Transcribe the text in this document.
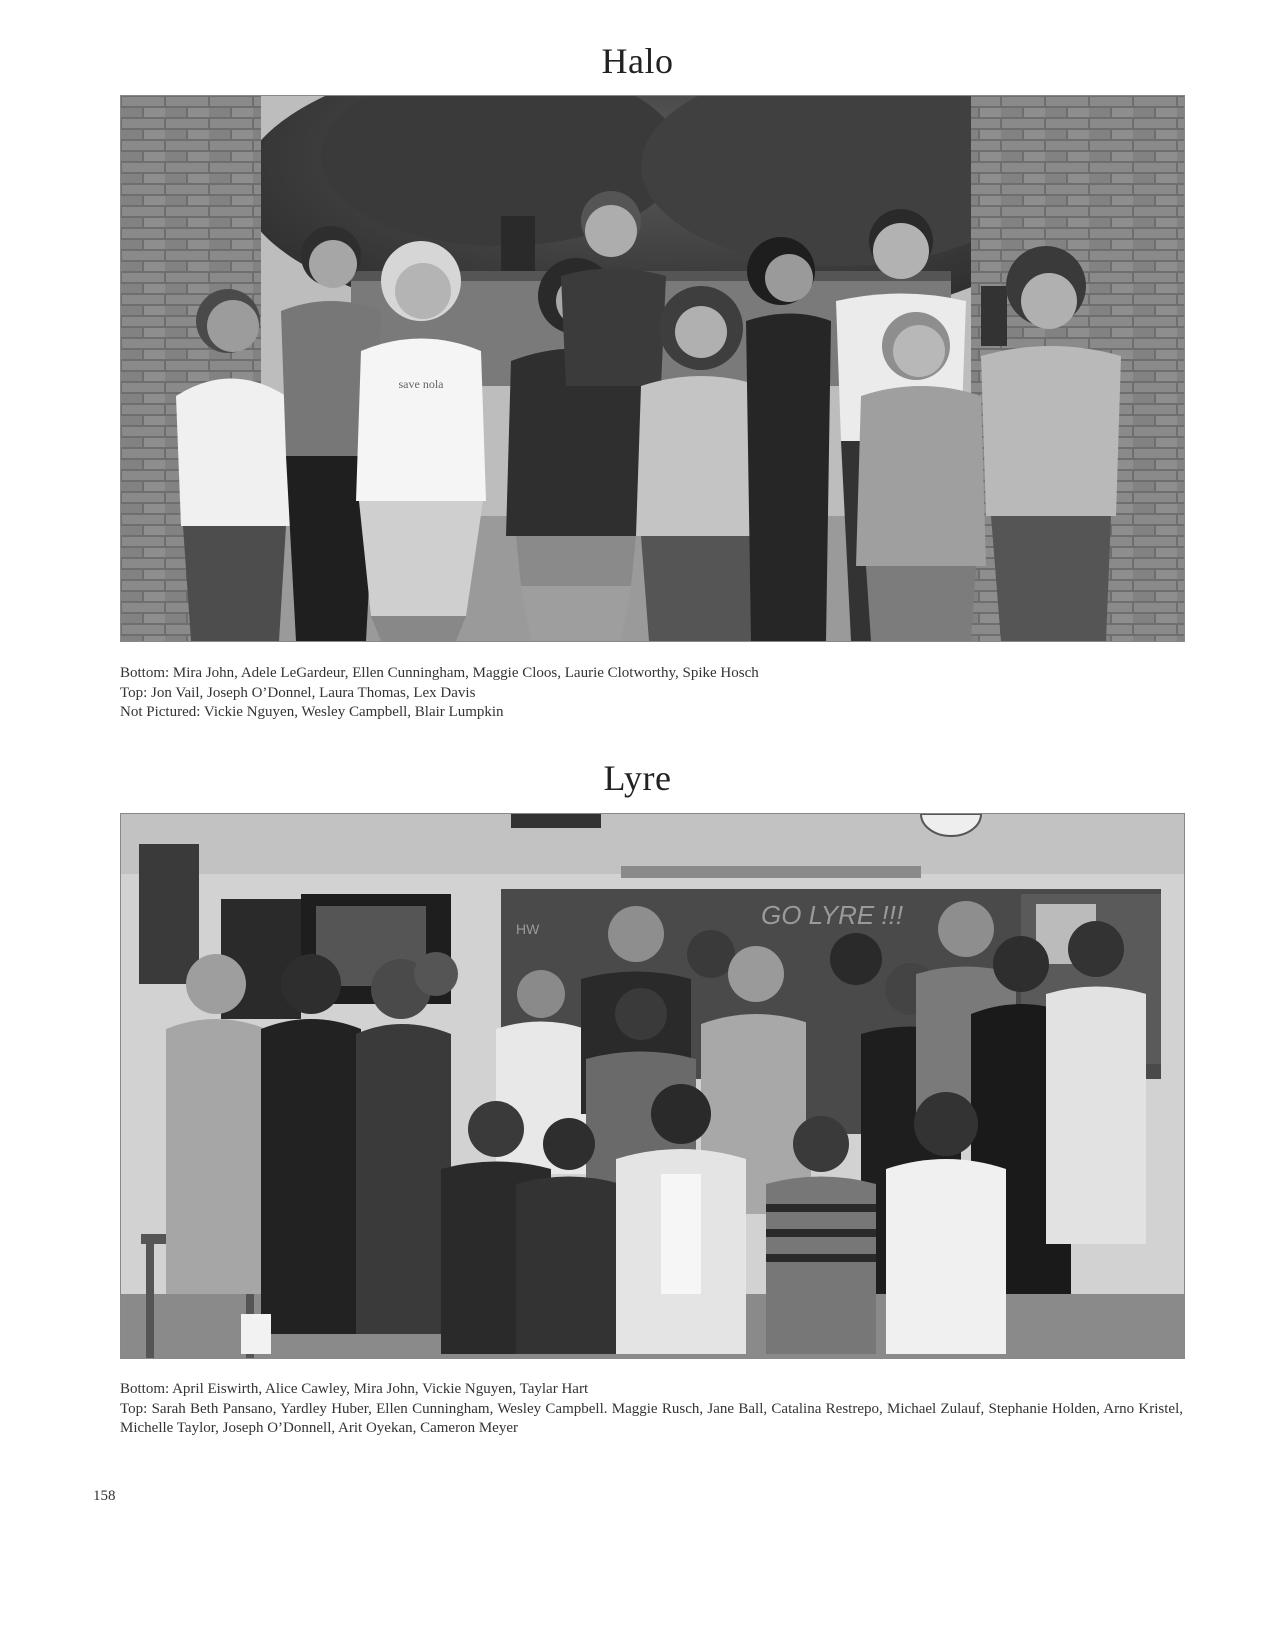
Halo
save nola
Bottom: Mira John, Adele LeGardeur, Ellen Cunningham, Maggie Cloos, Laurie Clotworthy, Spike Hosch
Top: Jon Vail, Joseph O’Donnel, Laura Thomas, Lex Davis
Not Pictured: Vickie Nguyen, Wesley Campbell, Blair Lumpkin
Lyre
GO LYRE !!!
HW
Bottom: April Eiswirth, Alice Cawley, Mira John, Vickie Nguyen, Taylar Hart
Top: Sarah Beth Pansano, Yardley Huber, Ellen Cunningham, Wesley Campbell. Maggie Rusch, Jane Ball, Catalina Restrepo, Michael Zulauf, Stephanie Holden, Arno Kristel, Michelle Taylor, Joseph O’Donnell, Arit Oyekan, Cameron Meyer
158
